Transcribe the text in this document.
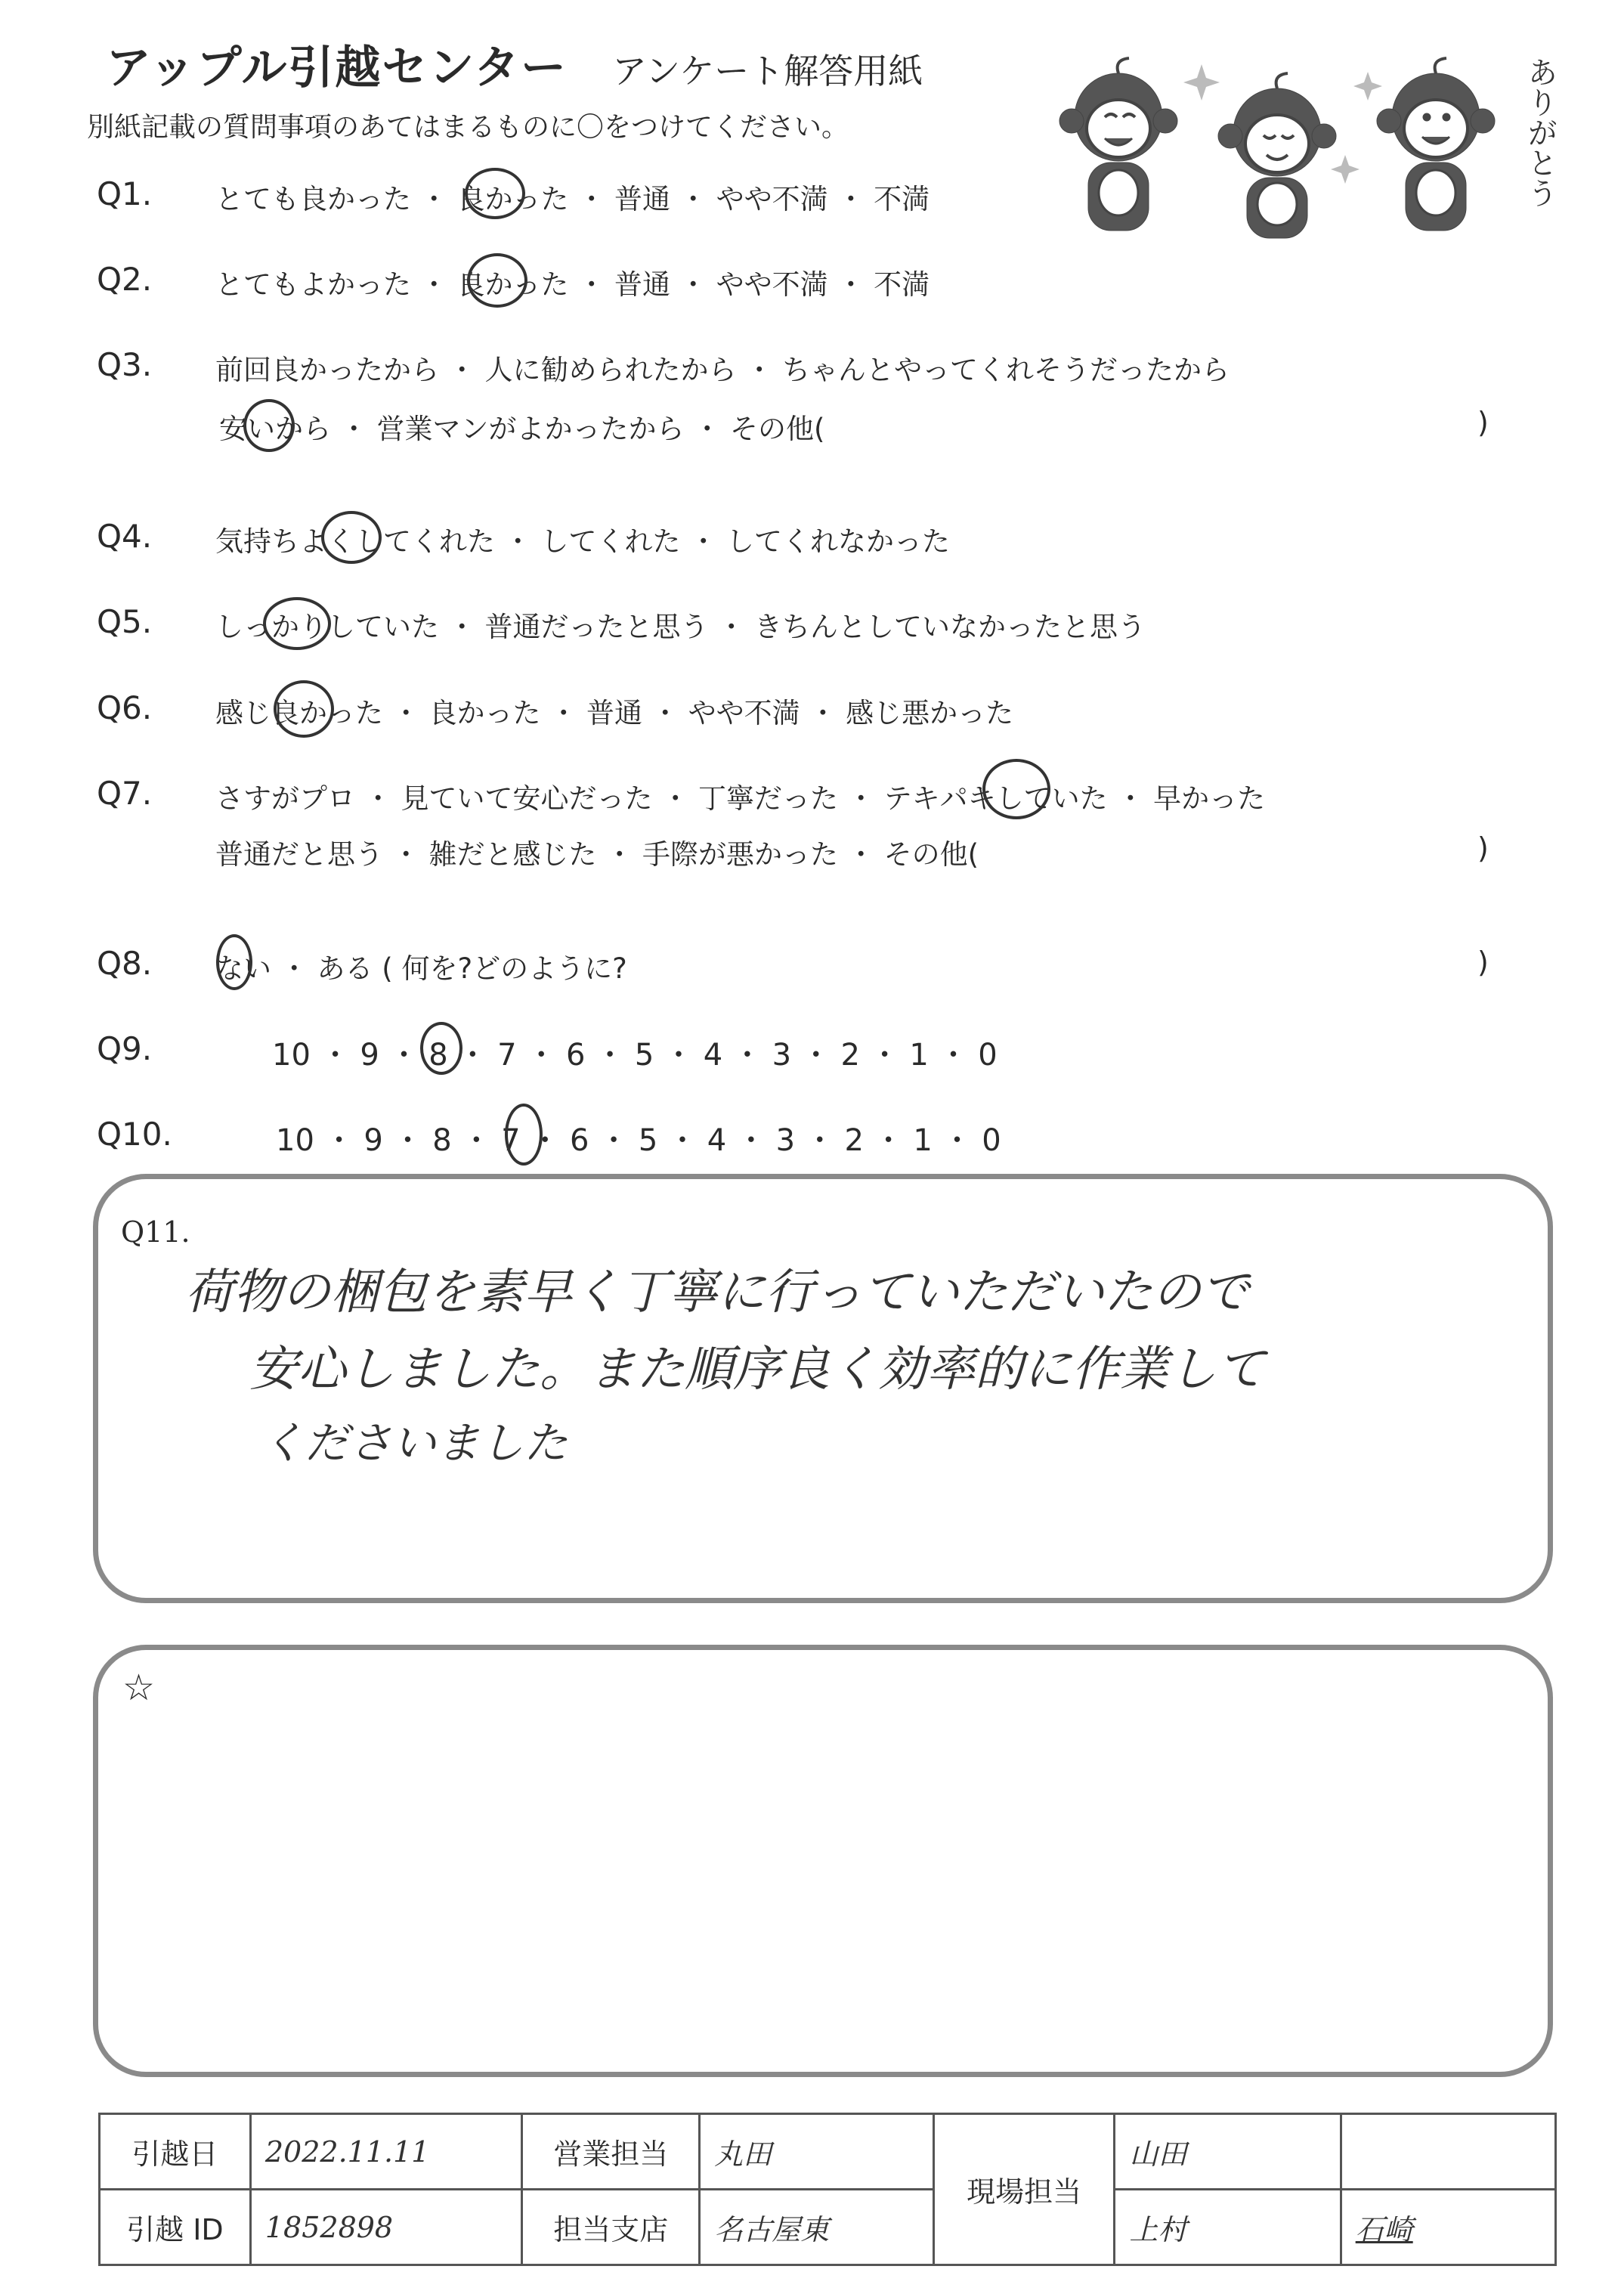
アップル引越センター アンケート解答用紙
別紙記載の質問事項のあてはまるものに〇をつけてください。	ありがとう
Q1. とても良かった ・ 良かった ・ 普通 ・ やや不満 ・ 不満
Q2. とてもよかった ・ 良かった ・ 普通 ・ やや不満 ・ 不満
Q3. 前回良かったから ・ 人に勧められたから ・ ちゃんとやってくれそうだったから
安いから ・ 営業マンがよかったから ・ その他(	)
Q4. 気持ちよくしてくれた ・ してくれた ・ してくれなかった
Q5. しっかりしていた ・ 普通だったと思う ・ きちんとしていなかったと思う
Q6. 感じ良かった ・ 良かった ・ 普通 ・ やや不満 ・ 感じ悪かった
Q7. さすがプロ ・ 見ていて安心だった ・ 丁寧だった ・ テキパキしていた ・ 早かった
普通だと思う ・ 雑だと感じた ・ 手際が悪かった ・ その他(	)
Q8. ない ・ ある ( 何を?どのように?	)
Q9.	10 ・ 9 ・ 8 ・ 7 ・ 6 ・ 5 ・ 4 ・ 3 ・ 2 ・ 1 ・ 0
Q10.	10 ・ 9 ・ 8 ・ 7 ・ 6 ・ 5 ・ 4 ・ 3 ・ 2 ・ 1 ・ 0
Q11.
荷物の梱包を素早く丁寧に行っていただいたので
安心しました。また順序良く効率的に作業して
くださいました
☆
引越日	2022.11.11	営業担当	丸田	現場担当	山田	
引越 ID	1852898	担当支店	名古屋東		上村	石崎
